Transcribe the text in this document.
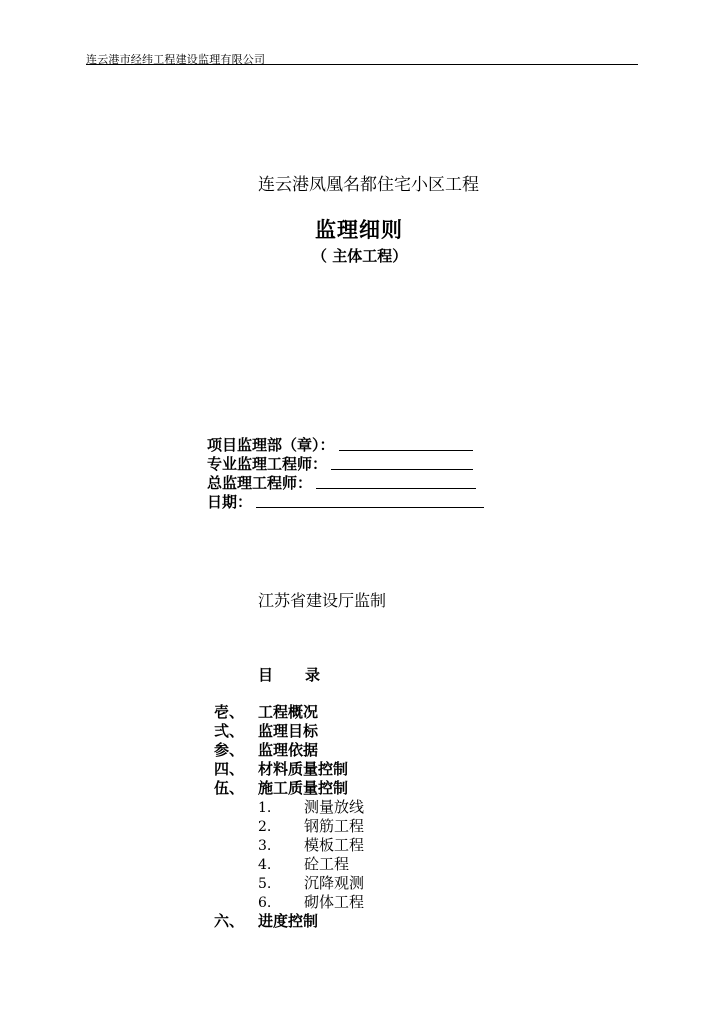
连云港市经纬工程建设监理有限公司
连云港凤凰名都住宅小区工程
监理细则
（ 主体工程）
项目监理部（章）：
专业监理工程师：
总监理工程师：
日期：
江苏省建设厅监制
目 录
壱、 工程概况
弍、 监理目标
参、 监理依据
四、 材料质量控制
伍、 施工质量控制
1. 测量放线
2. 钢筋工程
3. 模板工程
4. 砼工程
5. 沉降观测
6. 砌体工程
六、 进度控制
